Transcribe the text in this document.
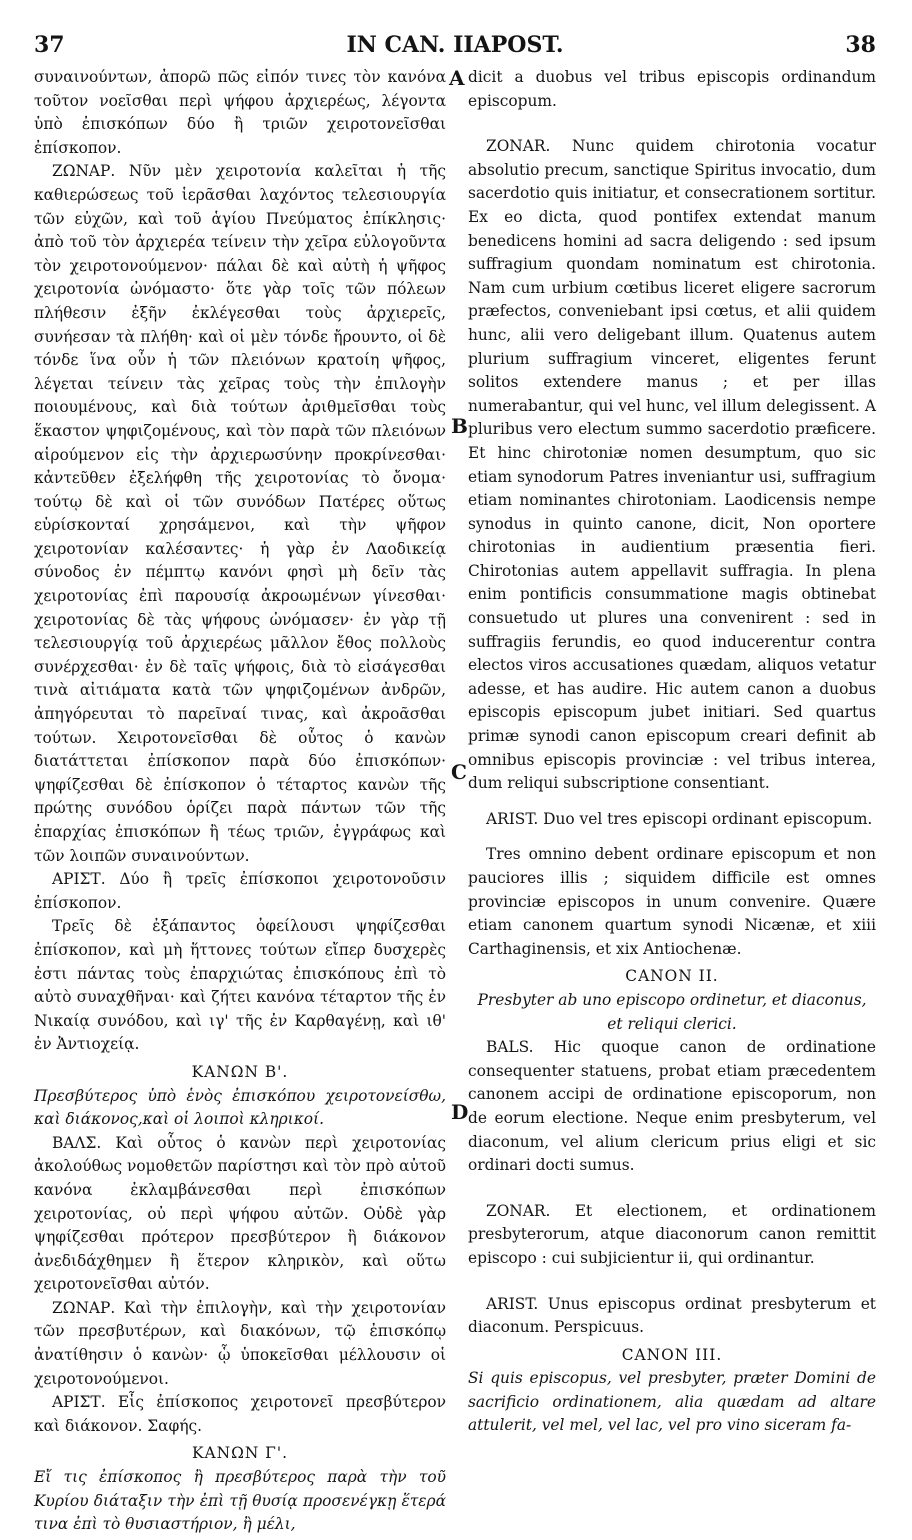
37	IN CAN. ΙΙΑΡΟST.	38

συναινούντων, ἀπορῶ πῶς εἰπόν τινες τὸν κανόνα τοῦτον νοεῖσθαι περὶ ψήφου ἀρχιερέως, λέγοντα ὑπὸ ἐπισκόπων δύο ἢ τριῶν χειροτονεῖσθαι ἐπίσκοπον.

ΖΩΝΑΡ. Νῦν μὲν χειροτονία καλεῖται ἡ τῆς καθιερώσεως τοῦ ἱερᾶσθαι λαχόντος τελεσιουργία τῶν εὐχῶν, καὶ τοῦ ἁγίου Πνεύματος ἐπίκλησις· ἀπὸ τοῦ τὸν ἀρχιερέα τείνειν τὴν χεῖρα εὐλογοῦντα τὸν χειροτονούμενον· πάλαι δὲ καὶ αὐτὴ ἡ ψῆφος χειροτονία ὠνόμαστο· ὅτε γὰρ τοῖς τῶν πόλεων πλήθεσιν ἐξῆν ἐκλέγεσθαι τοὺς ἀρχιερεῖς, συνήεσαν τὰ πλήθη· καὶ οἱ μὲν τόνδε ἤρουντο, οἱ δὲ τόνδε ἵνα οὖν ἡ τῶν πλειόνων κρατοίη ψῆφος, λέγεται τείνειν τὰς χεῖρας τοὺς τὴν ἐπιλογὴν ποιουμένους, καὶ διὰ τούτων ἀριθμεῖσθαι τοὺς ἕκαστον ψηφιζομένους, καὶ τὸν παρὰ τῶν πλειόνων αἱρούμενον εἰς τὴν ἀρχιερωσύνην προκρίνεσθαι· κἀντεῦθεν ἐξελήφθη τῆς χειροτονίας τὸ ὄνομα· τούτῳ δὲ καὶ οἱ τῶν συνόδων Πατέρες οὕτως εὑρίσκονταί χρησάμενοι, καὶ τὴν ψῆφον χειροτονίαν καλέσαντες· ἡ γὰρ ἐν Λαοδικείᾳ σύνοδος ἐν πέμπτῳ κανόνι φησὶ μὴ δεῖν τὰς χειροτονίας ἐπὶ παρουσίᾳ ἀκροωμένων γίνεσθαι· χειροτονίας δὲ τὰς ψήφους ὠνόμασεν· ἐν γὰρ τῇ τελεσιουργίᾳ τοῦ ἀρχιερέως μᾶλλον ἔθος πολλοὺς συνέρχεσθαι· ἐν δὲ ταῖς ψήφοις, διὰ τὸ εἰσάγεσθαι τινὰ αἰτιάματα κατὰ τῶν ψηφιζομένων ἀνδρῶν, ἀπηγόρευται τὸ παρεῖναί τινας, καὶ ἀκροᾶσθαι τούτων. Χειροτονεῖσθαι δὲ οὗτος ὁ κανὼν διατάττεται ἐπίσκοπον παρὰ δύο ἐπισκόπων· ψηφίζεσθαι δὲ ἐπίσκοπον ὁ τέταρτος κανὼν τῆς πρώτης συνόδου ὁρίζει παρὰ πάντων τῶν τῆς ἐπαρχίας ἐπισκόπων ἢ τέως τριῶν, ἐγγράφως καὶ τῶν λοιπῶν συναινούντων.

ΑΡΙΣΤ. Δύο ἢ τρεῖς ἐπίσκοποι χειροτονοῦσιν ἐπίσκοπον.

Τρεῖς δὲ ἐξάπαντος ὀφείλουσι ψηφίζεσθαι ἐπίσκοπον, καὶ μὴ ἥττονες τούτων εἴπερ δυσχερὲς ἐστι πάντας τοὺς ἐπαρχιώτας ἐπισκόπους ἐπὶ τὸ αὐτὸ συναχθῆναι· καὶ ζήτει κανόνα τέταρτον τῆς ἐν Νικαίᾳ συνόδου, καὶ ιγ' τῆς ἐν Καρθαγένῃ, καὶ ιθ' ἐν Ἀντιοχείᾳ.

ΚΑΝΩΝ Β'.

Πρεσβύτερος ὑπὸ ἑνὸς ἐπισκόπου χειροτονείσθω, καὶ διάκονος,καὶ οἱ λοιποὶ κληρικοί.

ΒΑΛΣ. Καὶ οὗτος ὁ κανὼν περὶ χειροτονίας ἀκολούθως νομοθετῶν παρίστησι καὶ τὸν πρὸ αὐτοῦ κανόνα ἐκλαμβάνεσθαι περὶ ἐπισκόπων χειροτονίας, οὐ περὶ ψήφου αὐτῶν. Οὐδὲ γὰρ ψηφίζεσθαι πρότερον πρεσβύτερον ἢ διάκονον ἀνεδιδάχθημεν ἢ ἕτερον κληρικὸν, καὶ οὕτω χειροτονεῖσθαι αὐτόν.

ΖΩΝΑΡ. Καὶ τὴν ἐπιλογὴν, καὶ τὴν χειροτονίαν τῶν πρεσβυτέρων, καὶ διακόνων, τῷ ἐπισκόπῳ ἀνατίθησιν ὁ κανὼν· ᾧ ὑποκεῖσθαι μέλλουσιν οἱ χειροτονούμενοι.

ΑΡΙΣΤ. Εἷς ἐπίσκοπος χειροτονεῖ πρεσβύτερον καὶ διάκονον. Σαφής.

ΚΑΝΩΝ Γ'.

Εἴ τις ἐπίσκοπος ἢ πρεσβύτερος παρὰ τὴν τοῦ Κυρίου διάταξιν τὴν ἐπὶ τῇ θυσίᾳ προσενέγκῃ ἕτερά τινα ἐπὶ τὸ θυσιαστήριον, ἢ μέλι,

A
B
C
D

dicit a duobus vel tribus episcopis ordinandum episcopum.

ZONAR. Nunc quidem chirotonia vocatur absolutio precum, sanctique Spiritus invocatio, dum sacerdotio quis initiatur, et consecrationem sortitur. Ex eo dicta, quod pontifex extendat manum benedicens homini ad sacra deligendo : sed ipsum suffragium quondam nominatum est chirotonia. Nam cum urbium cœtibus liceret eligere sacrorum præfectos, conveniebant ipsi cœtus, et alii quidem hunc, alii vero deligebant illum. Quatenus autem plurium suffragium vinceret, eligentes ferunt solitos extendere manus ; et per illas numerabantur, qui vel hunc, vel illum delegissent. A pluribus vero electum summo sacerdotio præficere. Et hinc chirotoniæ nomen desumptum, quo sic etiam synodorum Patres inveniantur usi, suffragium etiam nominantes chirotoniam. Laodicensis nempe synodus in quinto canone, dicit, Non oportere chirotonias in audientium præsentia fieri. Chirotonias autem appellavit suffragia. In plena enim pontificis consummatione magis obtinebat consuetudo ut plures una convenirent : sed in suffragiis ferundis, eo quod inducerentur contra electos viros accusationes quædam, aliquos vetatur adesse, et has audire. Hic autem canon a duobus episcopis episcopum jubet initiari. Sed quartus primæ synodi canon episcopum creari definit ab omnibus episcopis provinciæ : vel tribus interea, dum reliqui subscriptione consentiant.

ARIST. Duo vel tres episcopi ordinant episcopum.

Tres omnino debent ordinare episcopum et non pauciores illis ; siquidem difficile est omnes provinciæ episcopos in unum convenire. Quære etiam canonem quartum synodi Nicænæ, et xiii Carthaginensis, et xix Antiochenæ.

CANON II.

Presbyter ab uno episcopo ordinetur, et diaconus, et reliqui clerici.

BALS. Hic quoque canon de ordinatione consequenter statuens, probat etiam præcedentem canonem accipi de ordinatione episcoporum, non de eorum electione. Neque enim presbyterum, vel diaconum, vel alium clericum prius eligi et sic ordinari docti sumus.

ZONAR. Et electionem, et ordinationem presbyterorum, atque diaconorum canon remittit episcopo : cui subjicientur ii, qui ordinantur.

ARIST. Unus episcopus ordinat presbyterum et diaconum. Perspicuus.

CANON III.

Si quis episcopus, vel presbyter, præter Domini de sacrificio ordinationem, alia quædam ad altare attulerit, vel mel, vel lac, vel pro vino siceram fa-
